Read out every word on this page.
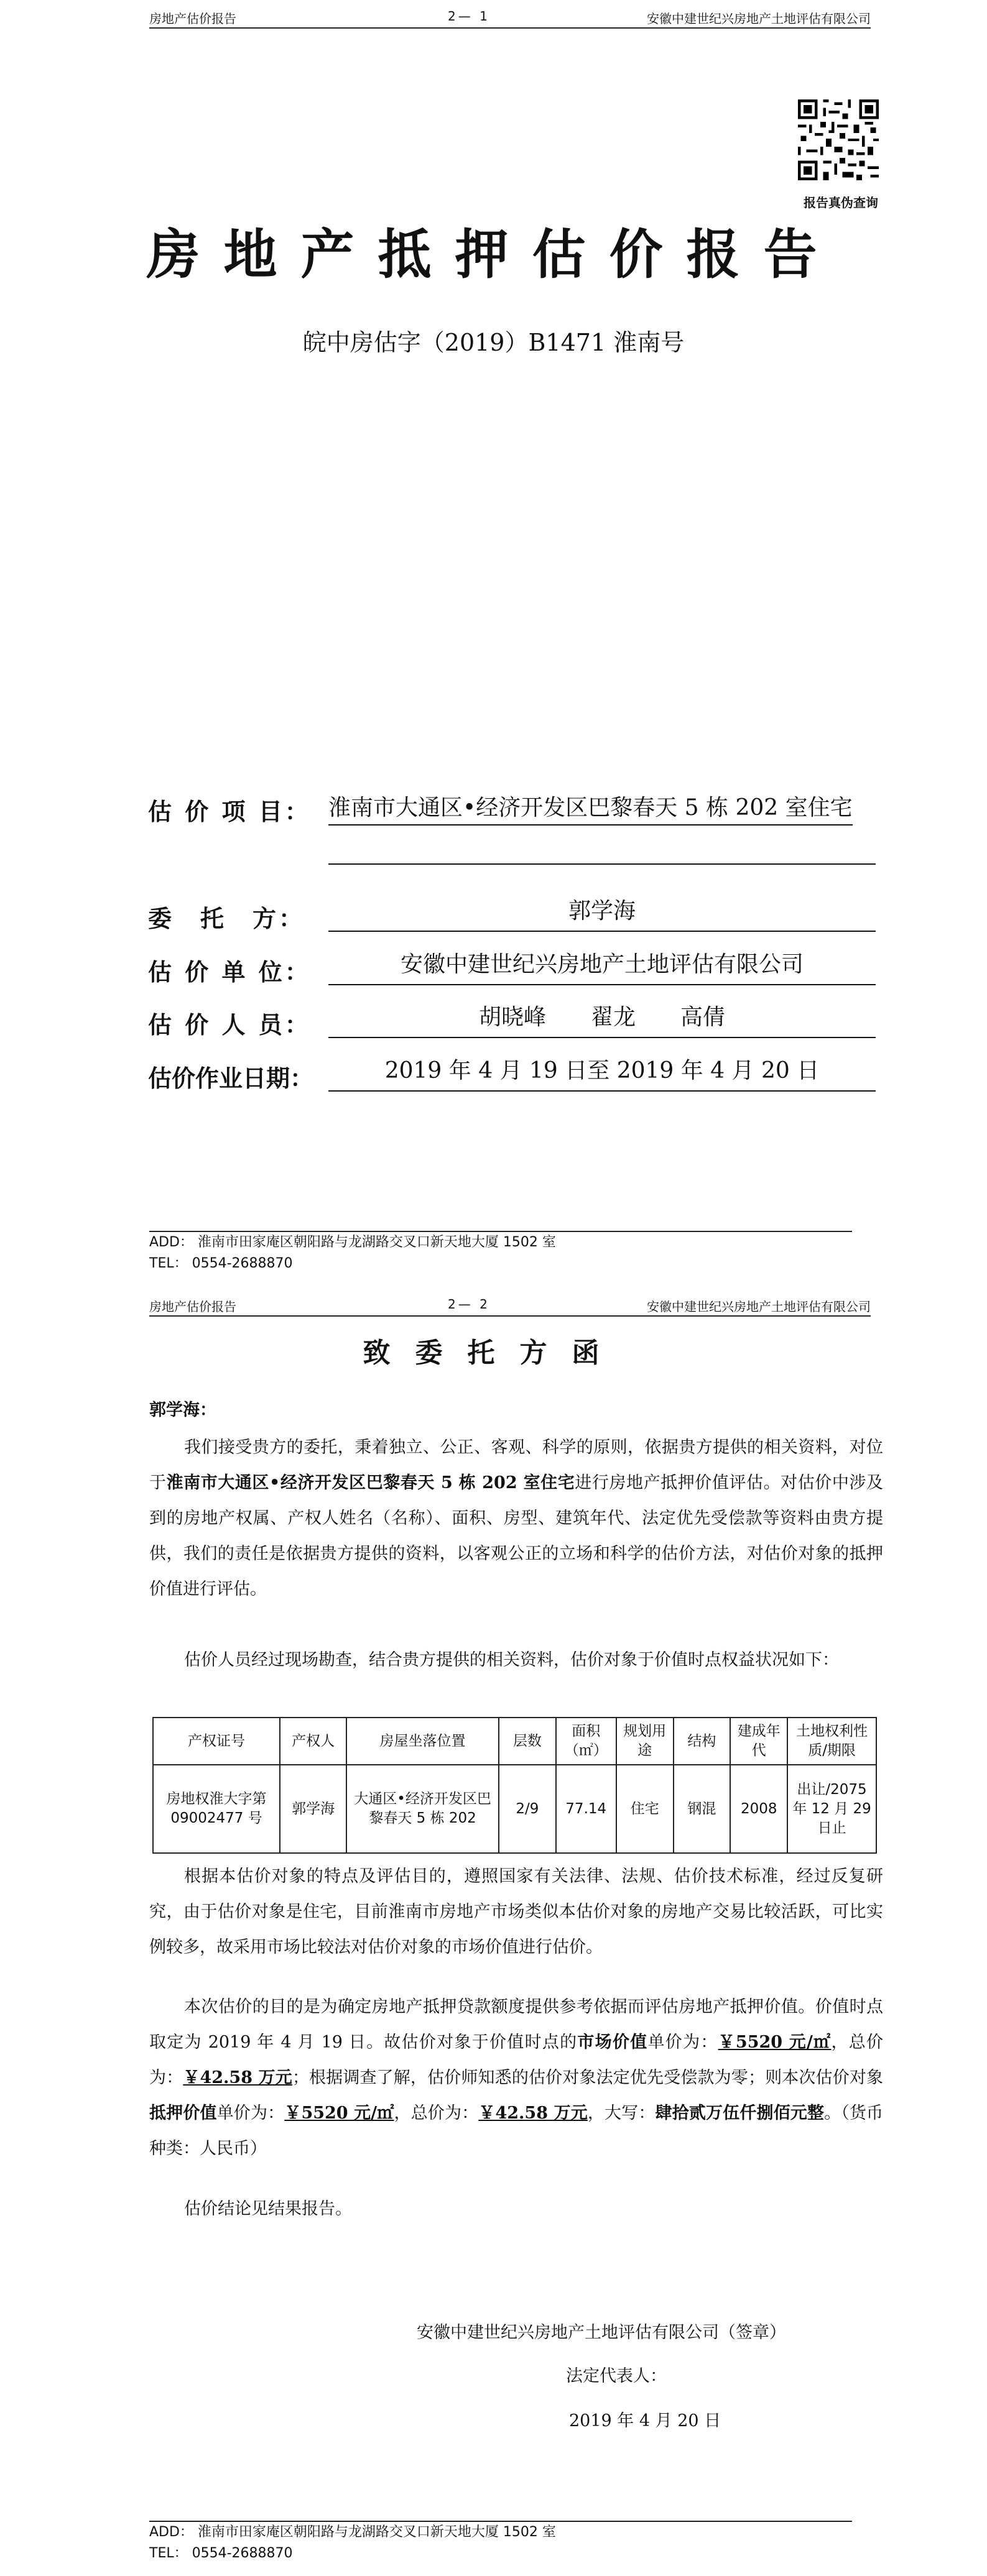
房地产估价报告	2— 1	安徽中建世纪兴房地产土地评估有限公司
报告真伪查询
房地产抵押估价报告
皖中房估字（2019）B1471 淮南号
估 价 项 目： 淮南市大通区•经济开发区巴黎春天 5 栋 202 室住宅
委　托　方：	郭学海
估 价 单 位：	安徽中建世纪兴房地产土地评估有限公司
估 价 人 员：	胡晓峰　　翟龙　　高倩
估价作业日期：	2019 年 4 月 19 日至 2019 年 4 月 20 日
ADD： 淮南市田家庵区朝阳路与龙湖路交叉口新天地大厦 1502 室
TEL： 0554-2688870
房地产估价报告	2— 2	安徽中建世纪兴房地产土地评估有限公司
致委托方函
郭学海：

我们接受贵方的委托，秉着独立、公正、客观、科学的原则，依据贵方提供的相关资料，对位于淮南市大通区•经济开发区巴黎春天 5 栋 202 室住宅进行房地产抵押价值评估。对估价中涉及到的房地产权属、产权人姓名（名称）、面积、房型、建筑年代、法定优先受偿款等资料由贵方提供，我们的责任是依据贵方提供的资料，以客观公正的立场和科学的估价方法，对估价对象的抵押价值进行评估。

估价人员经过现场勘查，结合贵方提供的相关资料，估价对象于价值时点权益状况如下：

产权证号	产权人	房屋坐落位置	层数	面积（㎡）	规划用途	结构	建成年代	土地权利性质/期限
房地权淮大字第09002477 号	郭学海	大通区•经济开发区巴黎春天 5 栋 202	2/9	77.14	住宅	钢混	2008	出让/2075 年 12 月 29 日止

根据本估价对象的特点及评估目的，遵照国家有关法律、法规、估价技术标准，经过反复研究，由于估价对象是住宅，目前淮南市房地产市场类似本估价对象的房地产交易比较活跃，可比实例较多，故采用市场比较法对估价对象的市场价值进行估价。

本次估价的目的是为确定房地产抵押贷款额度提供参考依据而评估房地产抵押价值。价值时点取定为 2019 年 4 月 19 日。故估价对象于价值时点的市场价值单价为：￥5520 元/㎡，总价为：￥42.58 万元；根据调查了解，估价师知悉的估价对象法定优先受偿款为零；则本次估价对象抵押价值单价为：￥5520 元/㎡，总价为：￥42.58 万元，大写：肆拾贰万伍仟捌佰元整。（货币种类：人民币）

估价结论见结果报告。

安徽中建世纪兴房地产土地评估有限公司（签章）
法定代表人：
2019 年 4 月 20 日
ADD： 淮南市田家庵区朝阳路与龙湖路交叉口新天地大厦 1502 室
TEL： 0554-2688870
